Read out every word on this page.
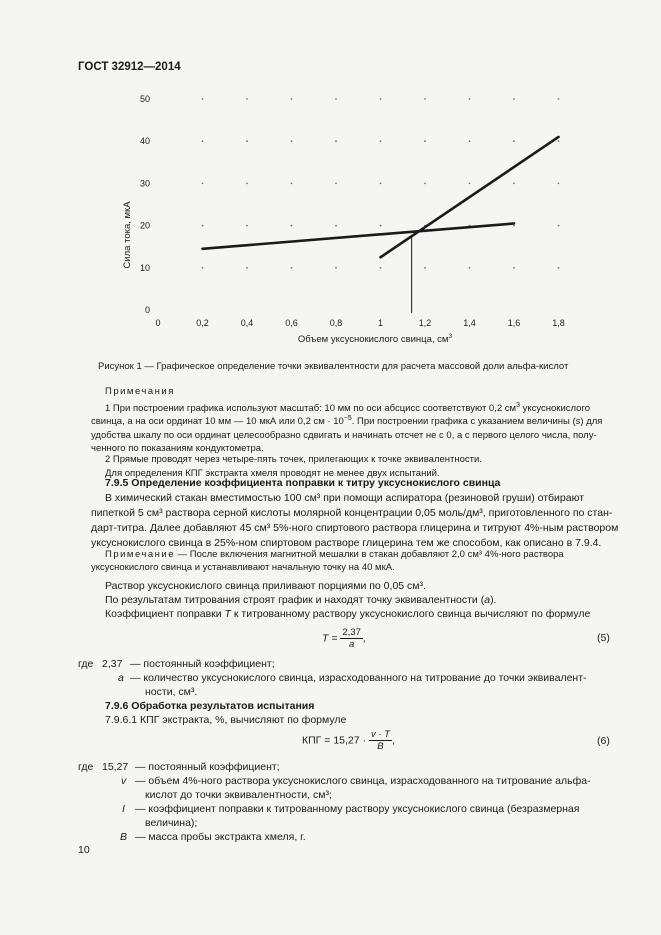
ГОСТ 32912—2014
0
10
20
30
40
50
0	0,2	0,4	0,6	0,8	1	1,2	1,4	1,6	1,8
Сила тока, мкА
Объем уксуснокислого свинца, $см^3$
Рисунок 1 — Графическое определение точки эквивалентности для расчета массовой доли альфа-кислот
Примечания
1 При построении графика используют масштаб: 10 мм по оси абсцисс соответствуют 0,2 $см^3$ уксуснокислого
свинца, а на оси ординат 10 мм — 10 мкА или 0,2 см · $10^{-5}$. При построении графика с указанием величины (s) для
удобства шкалу по оси ординат целесообразно сдвигать и начинать отсчет не с 0, а с первого целого числа, полу-
ченного по показаниям кондуктометра.
2 Прямые проводят через четыре-пять точек, прилегающих к точке эквивалентности.
Для определения КПГ экстракта хмеля проводят не менее двух испытаний.
7.9.5 Определение коэффициента поправки к титру уксуснокислого свинца
В химический стакан вместимостью 100 см³ при помощи аспиратора (резиновой груши) отбирают
пипеткой 5 см³ раствора серной кислоты молярной концентрации 0,05 моль/дм³, приготовленного по стан-
дарт-титра. Далее добавляют 45 см³ 5%-ного спиртового раствора глицерина и титруют 4%-ным раствором
уксуснокислого свинца в 25%-ном спиртовом растворе глицерина тем же способом, как описано в 7.9.4.
Примечание — После включения магнитной мешалки в стакан добавляют 2,0 см³ 4%-ного раствора
уксуснокислого свинца и устанавливают начальную точку на 40 мкА.
Раствор уксуснокислого свинца приливают порциями по 0,05 см³.
По результатам титрования строят график и находят точку эквивалентности (а).
Коэффициент поправки Т к титрованному раствору уксуснокислого свинца вычисляют по формуле
$T = \frac{2,37}{a}$ ,	(5)
где 2,37 — постоянный коэффициент;
а — количество уксуснокислого свинца, израсходованного на титрование до точки эквивалент-
ности, см³.
7.9.6 Обработка результатов испытания
7.9.6.1 КПГ экстракта, %, вычисляют по формуле
КПГ = $15,27 \cdot \frac{v \cdot T}{B}$ ,	(6)
где 15,27 — постоянный коэффициент;
v — объем 4%-ного раствора уксуснокислого свинца, израсходованного на титрование альфа-
кислот до точки эквивалентности, см³;
I — коэффициент поправки к титрованному раствору уксуснокислого свинца (безразмерная
величина);
В — масса пробы экстракта хмеля, г.
10
